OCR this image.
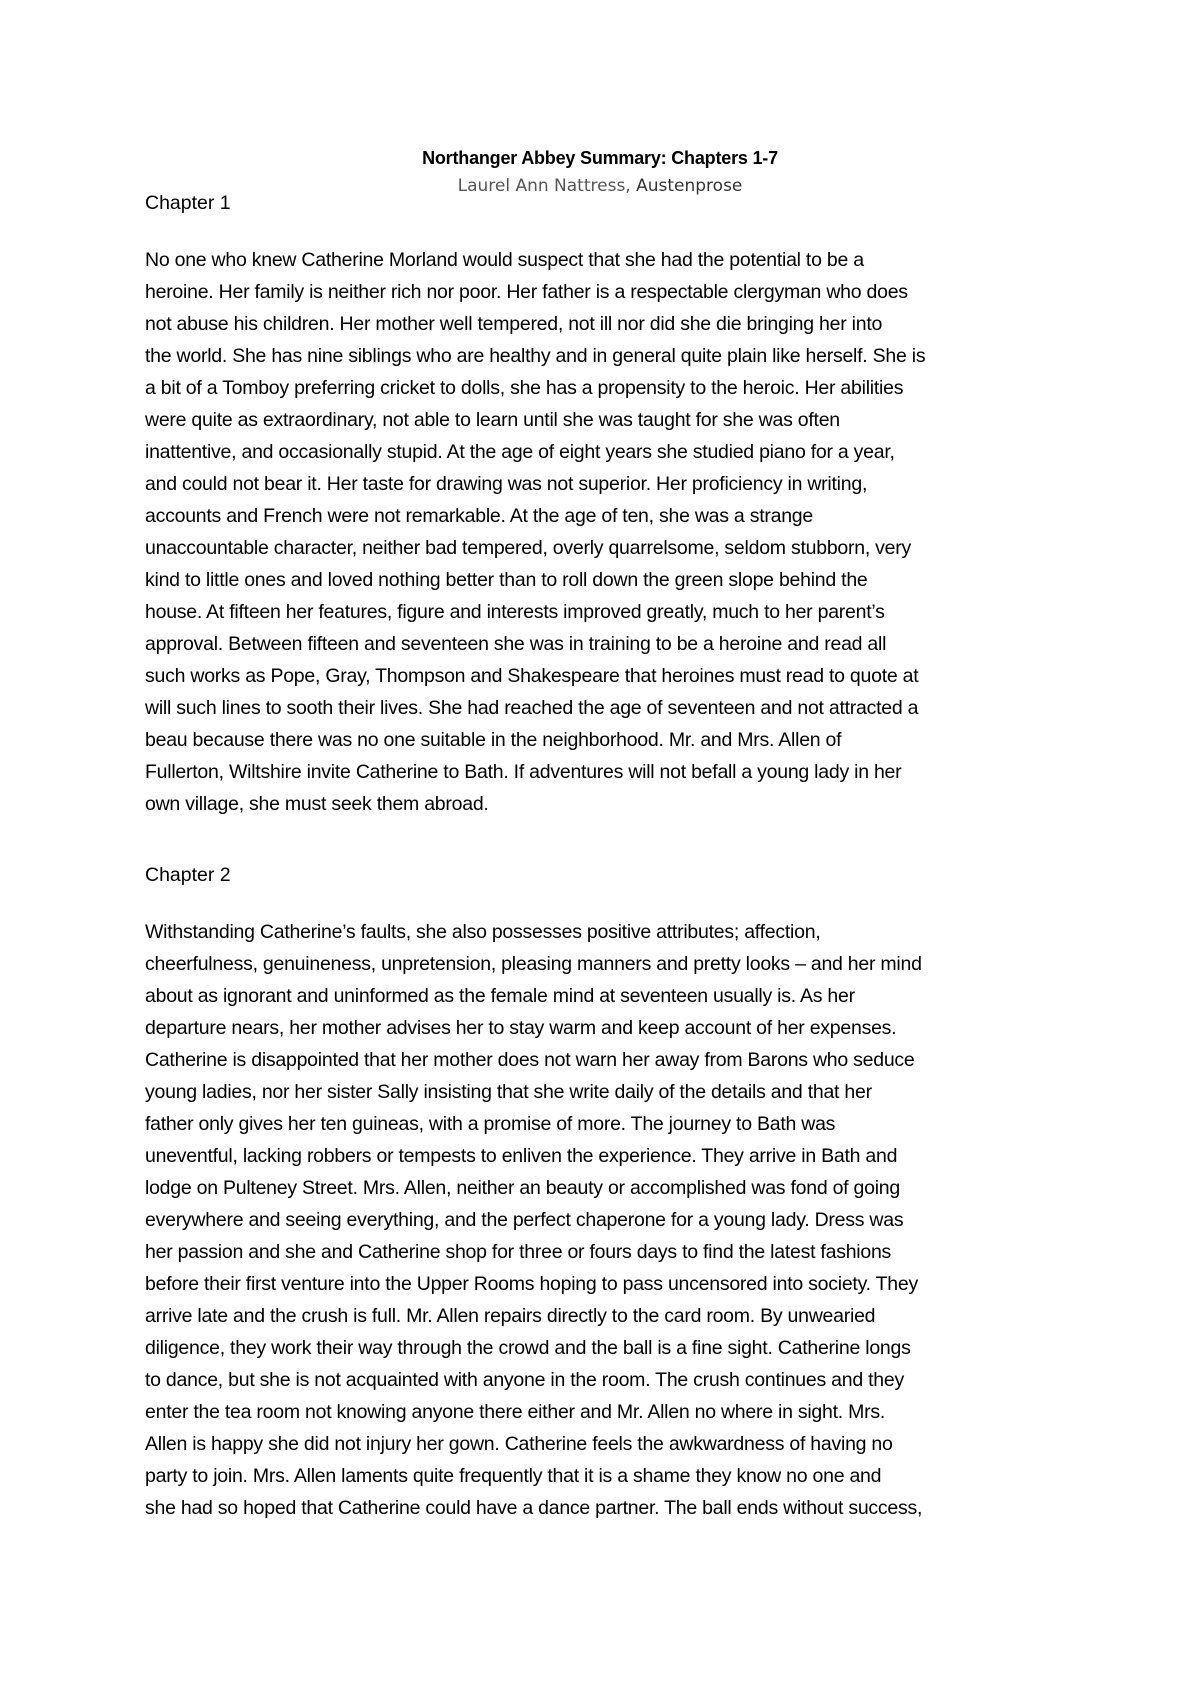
Northanger Abbey Summary: Chapters 1-7
Laurel Ann Nattress, Austenprose
Chapter 1
No one who knew Catherine Morland would suspect that she had the potential to be a
heroine. Her family is neither rich nor poor. Her father is a respectable clergyman who does
not abuse his children. Her mother well tempered, not ill nor did she die bringing her into
the world. She has nine siblings who are healthy and in general quite plain like herself. She is
a bit of a Tomboy preferring cricket to dolls, she has a propensity to the heroic. Her abilities
were quite as extraordinary, not able to learn until she was taught for she was often
inattentive, and occasionally stupid. At the age of eight years she studied piano for a year,
and could not bear it. Her taste for drawing was not superior. Her proficiency in writing,
accounts and French were not remarkable. At the age of ten, she was a strange
unaccountable character, neither bad tempered, overly quarrelsome, seldom stubborn, very
kind to little ones and loved nothing better than to roll down the green slope behind the
house. At fifteen her features, figure and interests improved greatly, much to her parent’s
approval. Between fifteen and seventeen she was in training to be a heroine and read all
such works as Pope, Gray, Thompson and Shakespeare that heroines must read to quote at
will such lines to sooth their lives. She had reached the age of seventeen and not attracted a
beau because there was no one suitable in the neighborhood. Mr. and Mrs. Allen of
Fullerton, Wiltshire invite Catherine to Bath. If adventures will not befall a young lady in her
own village, she must seek them abroad.
Chapter 2
Withstanding Catherine’s faults, she also possesses positive attributes; affection,
cheerfulness, genuineness, unpretension, pleasing manners and pretty looks – and her mind
about as ignorant and uninformed as the female mind at seventeen usually is. As her
departure nears, her mother advises her to stay warm and keep account of her expenses.
Catherine is disappointed that her mother does not warn her away from Barons who seduce
young ladies, nor her sister Sally insisting that she write daily of the details and that her
father only gives her ten guineas, with a promise of more. The journey to Bath was
uneventful, lacking robbers or tempests to enliven the experience. They arrive in Bath and
lodge on Pulteney Street. Mrs. Allen, neither an beauty or accomplished was fond of going
everywhere and seeing everything, and the perfect chaperone for a young lady. Dress was
her passion and she and Catherine shop for three or fours days to find the latest fashions
before their first venture into the Upper Rooms hoping to pass uncensored into society. They
arrive late and the crush is full. Mr. Allen repairs directly to the card room. By unwearied
diligence, they work their way through the crowd and the ball is a fine sight. Catherine longs
to dance, but she is not acquainted with anyone in the room. The crush continues and they
enter the tea room not knowing anyone there either and Mr. Allen no where in sight. Mrs.
Allen is happy she did not injury her gown. Catherine feels the awkwardness of having no
party to join. Mrs. Allen laments quite frequently that it is a shame they know no one and
she had so hoped that Catherine could have a dance partner. The ball ends without success,
